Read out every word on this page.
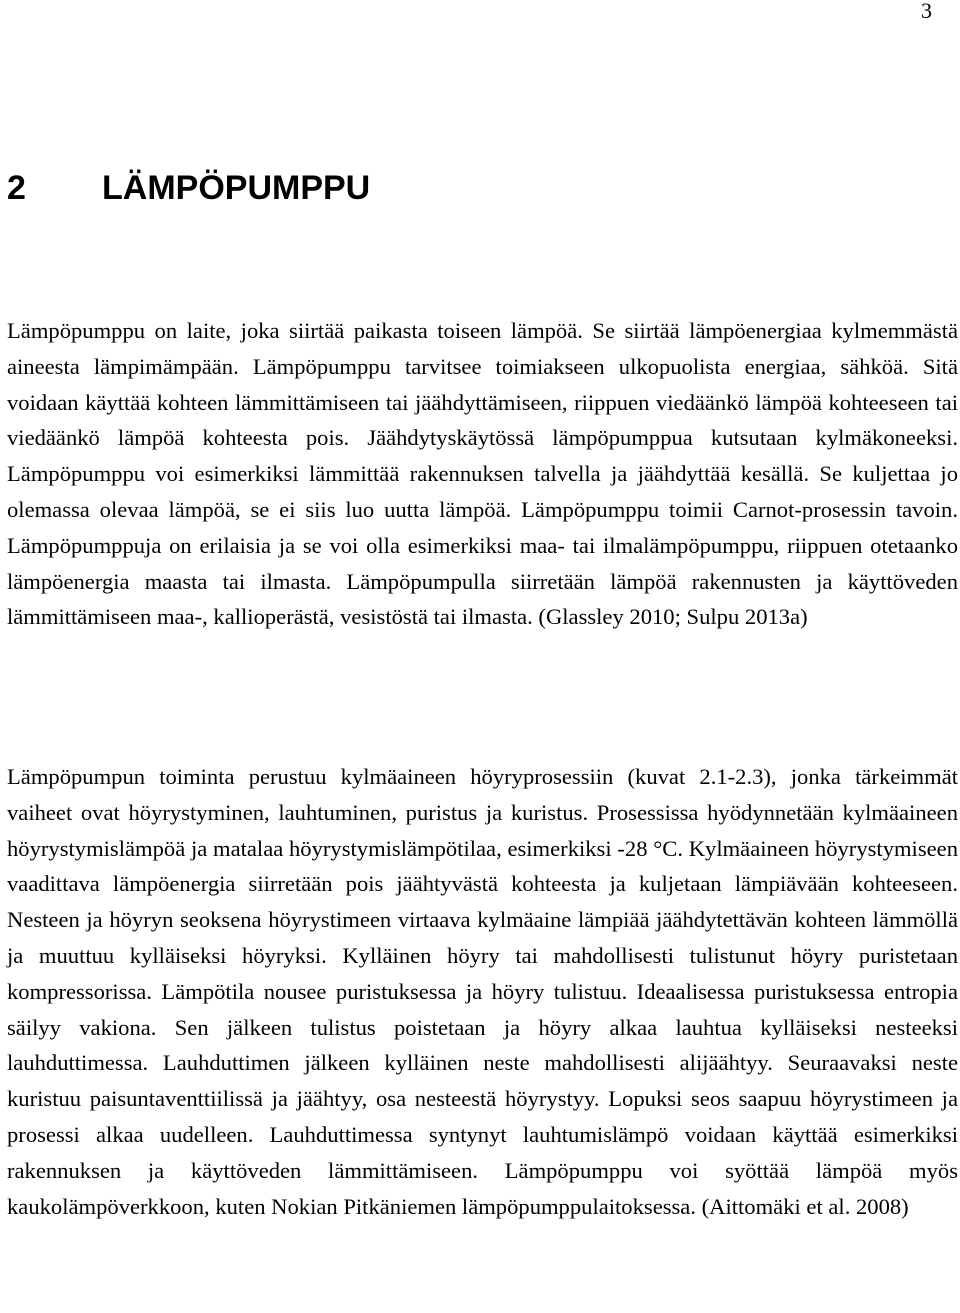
3
2 LÄMPÖPUMPPU

Lämpöpumppu on laite, joka siirtää paikasta toiseen lämpöä. Se siirtää lämpöenergiaa kylmemmästä aineesta lämpimämpään. Lämpöpumppu tarvitsee toimiakseen ulkopuolista energiaa, sähköä. Sitä voidaan käyttää kohteen lämmittämiseen tai jäähdyttämiseen, riippuen viedäänkö lämpöä kohteeseen tai viedäänkö lämpöä kohteesta pois. Jäähdytyskäytössä lämpöpumppua kutsutaan kylmäkoneeksi. Lämpöpumppu voi esimerkiksi lämmittää rakennuksen talvella ja jäähdyttää kesällä. Se kuljettaa jo olemassa olevaa lämpöä, se ei siis luo uutta lämpöä. Lämpöpumppu toimii Carnot-prosessin tavoin. Lämpöpumppuja on erilaisia ja se voi olla esimerkiksi maa- tai ilmalämpöpumppu, riippuen otetaanko lämpöenergia maasta tai ilmasta. Lämpöpumpulla siirretään lämpöä rakennusten ja käyttöveden lämmittämiseen maa-, kallioperästä, vesistöstä tai ilmasta. (Glassley 2010; Sulpu 2013a)

Lämpöpumpun toiminta perustuu kylmäaineen höyryprosessiin (kuvat 2.1-2.3), jonka tärkeimmät vaiheet ovat höyrystyminen, lauhtuminen, puristus ja kuristus. Prosessissa hyödynnetään kylmäaineen höyrystymislämpöä ja matalaa höyrystymislämpötilaa, esimerkiksi -28 °C. Kylmäaineen höyrystymiseen vaadittava lämpöenergia siirretään pois jäähtyvästä kohteesta ja kuljetaan lämpiävään kohteeseen. Nesteen ja höyryn seoksena höyrystimeen virtaava kylmäaine lämpiää jäähdytettävän kohteen lämmöllä ja muuttuu kylläiseksi höyryksi. Kylläinen höyry tai mahdollisesti tulistunut höyry puristetaan kompressorissa. Lämpötila nousee puristuksessa ja höyry tulistuu. Ideaalisessa puristuksessa entropia säilyy vakiona. Sen jälkeen tulistus poistetaan ja höyry alkaa lauhtua kylläiseksi nesteeksi lauhduttimessa. Lauhduttimen jälkeen kylläinen neste mahdollisesti alijäähtyy. Seuraavaksi neste kuristuu paisuntaventtiilissä ja jäähtyy, osa nesteestä höyrystyy. Lopuksi seos saapuu höyrystimeen ja prosessi alkaa uudelleen. Lauhduttimessa syntynyt lauhtumislämpö voidaan käyttää esimerkiksi rakennuksen ja käyttöveden lämmittämiseen. Lämpöpumppu voi syöttää lämpöä myös kaukolämpöverkkoon, kuten Nokian Pitkäniemen lämpöpumppulaitoksessa. (Aittomäki et al. 2008)
